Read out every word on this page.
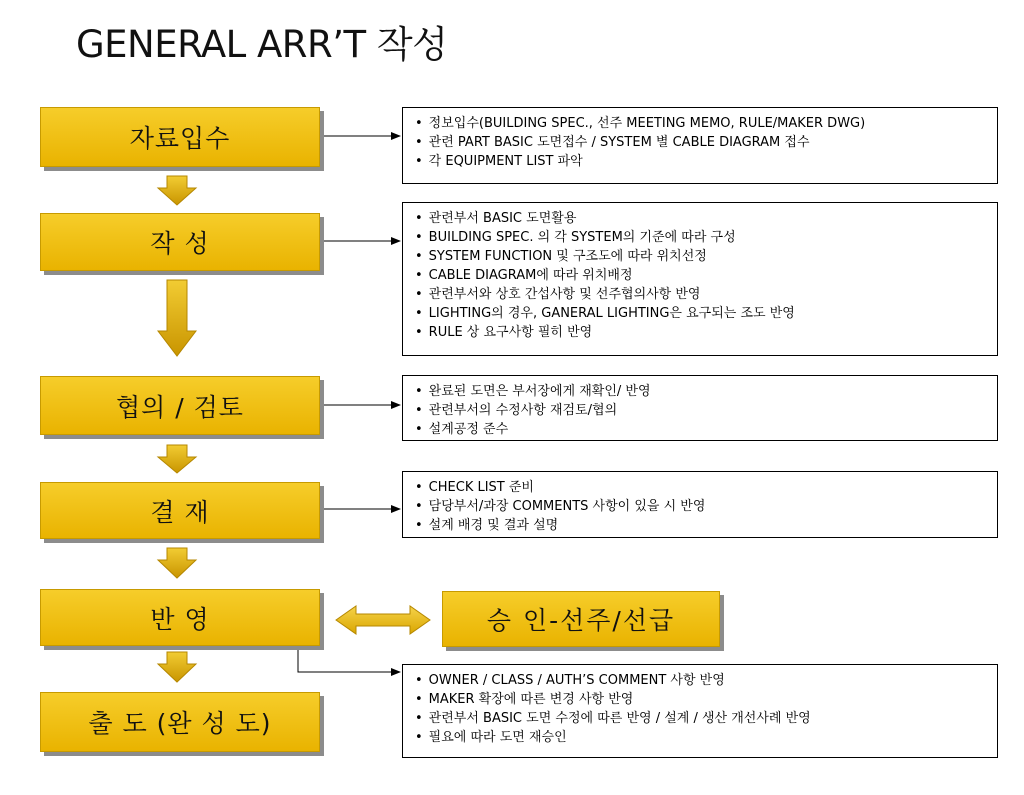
GENERAL ARR’T 작성
자료입수
작 성
협의 / 검토
결 재
반 영
출 도 (완 성 도)
승 인-선주/선급
• 정보입수(BUILDING SPEC., 선주 MEETING MEMO, RULE/MAKER DWG)
• 관련 PART BASIC 도면접수 / SYSTEM 별 CABLE DIAGRAM 접수
• 각 EQUIPMENT LIST 파악
• 관련부서 BASIC 도면활용
• BUILDING SPEC. 의 각 SYSTEM의 기준에 따라 구성
• SYSTEM FUNCTION 및 구조도에 따라 위치선정
• CABLE DIAGRAM에 따라 위치배정
• 관련부서와 상호 간섭사항 및 선주협의사항 반영
• LIGHTING의 경우, GANERAL LIGHTING은 요구되는 조도 반영
• RULE 상 요구사항 필히 반영
• 완료된 도면은 부서장에게 재확인/ 반영
• 관련부서의 수정사항 재검토/협의
• 설계공정 준수
• CHECK LIST 준비
• 담당부서/과장 COMMENTS 사항이 있을 시 반영
• 설계 배경 및 결과 설명
• OWNER / CLASS / AUTH’S COMMENT 사항 반영
• MAKER 확장에 따른 변경 사항 반영
• 관련부서 BASIC 도면 수정에 따른 반영 / 설계 / 생산 개선사례 반영
• 필요에 따라 도면 재승인
